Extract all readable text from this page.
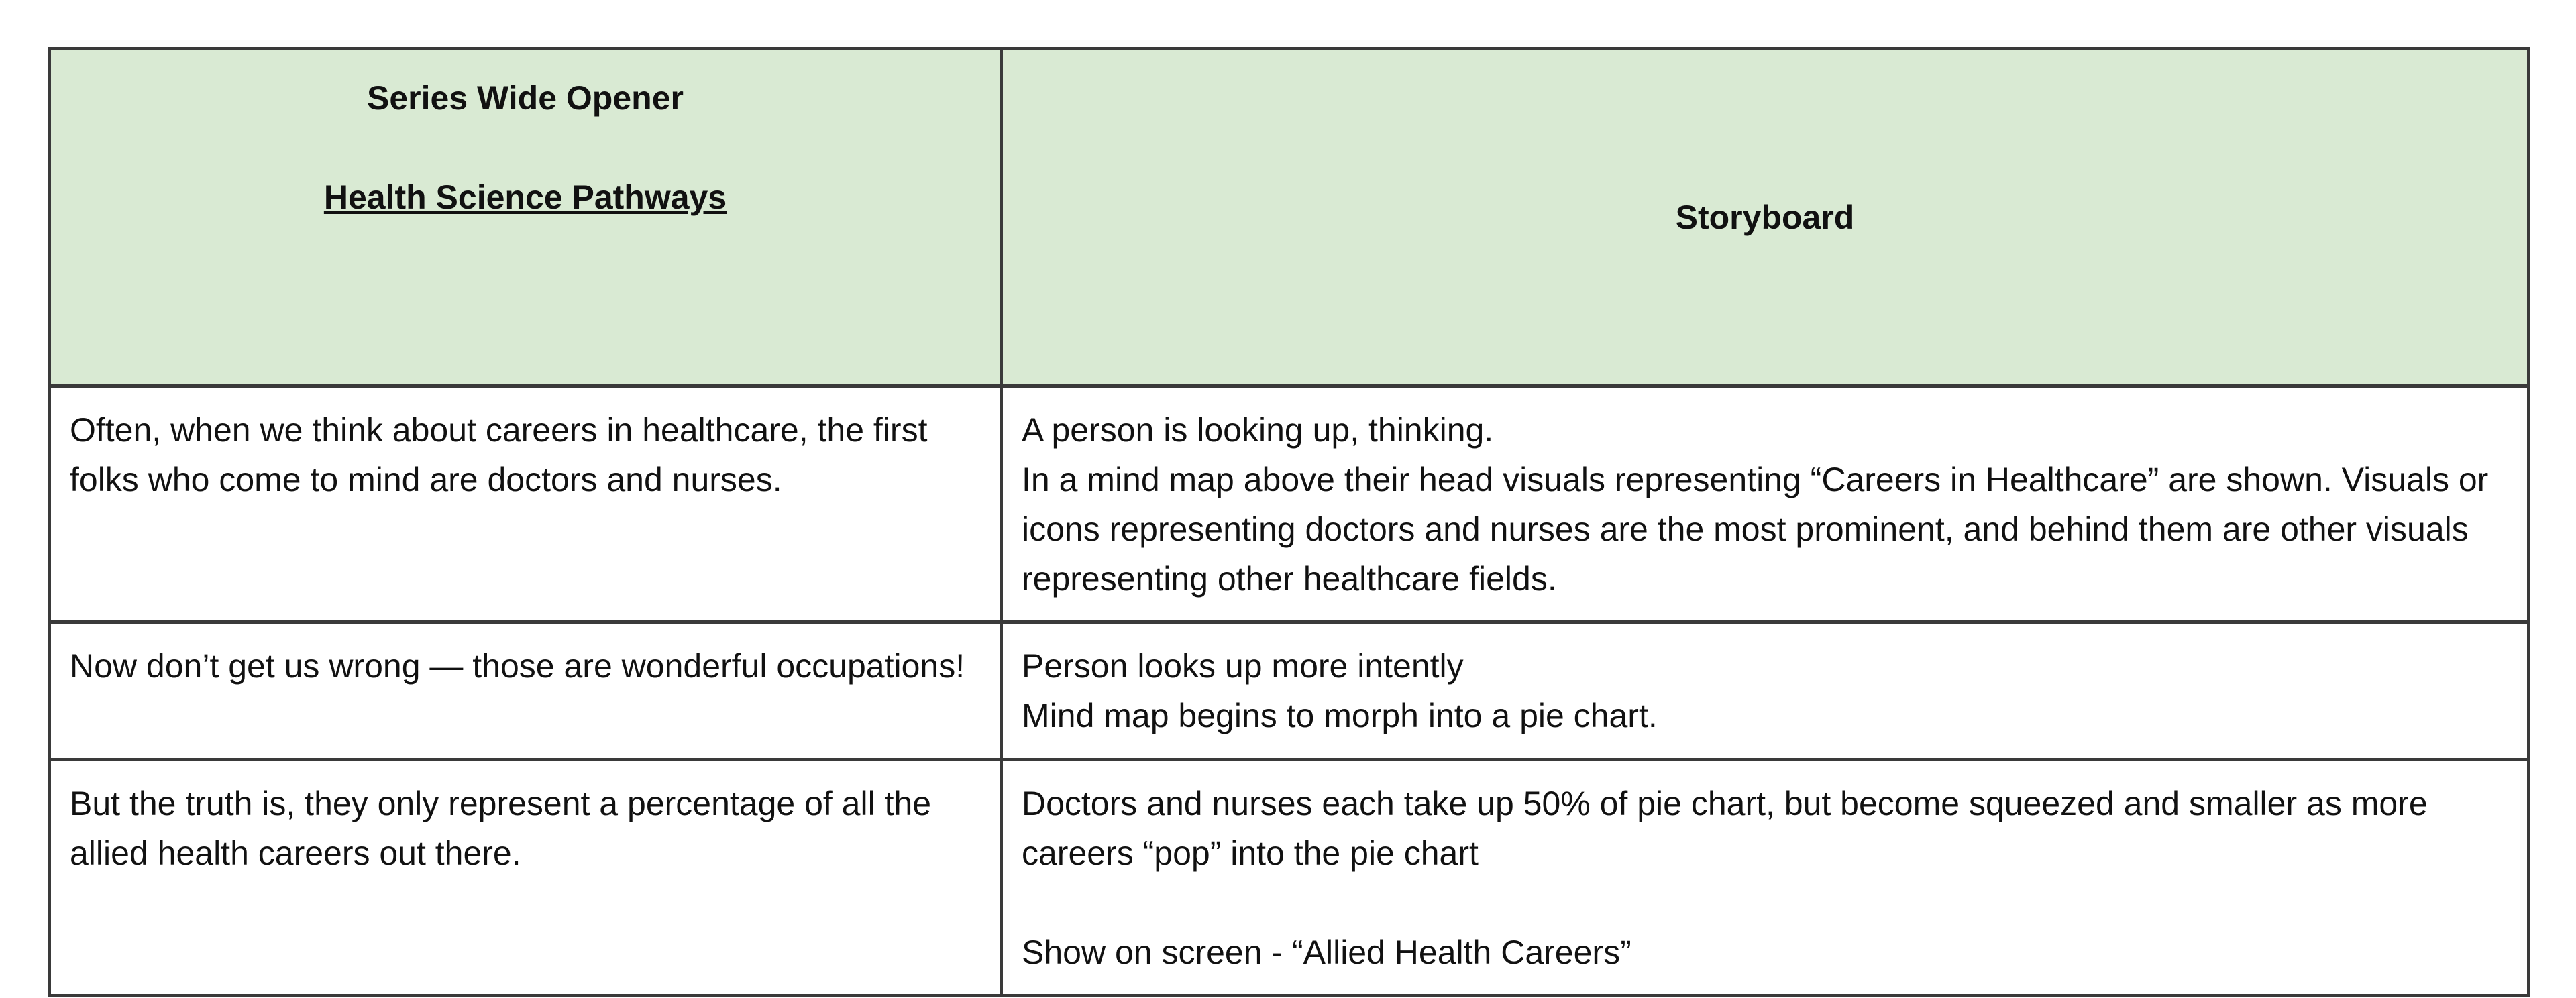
Series Wide Opener
Health Science Pathways	Storyboard

Often, when we think about careers in healthcare, the first folks who come to mind are doctors and nurses.	A person is looking up, thinking.
In a mind map above their head visuals representing “Careers in Healthcare” are shown. Visuals or icons representing doctors and nurses are the most prominent, and behind them are other visuals representing other healthcare fields.

Now don’t get us wrong — those are wonderful occupations!	Person looks up more intently
Mind map begins to morph into a pie chart.

But the truth is, they only represent a percentage of all the allied health careers out there.	Doctors and nurses each take up 50% of pie chart, but become squeezed and smaller as more careers “pop” into the pie chart
Show on screen - “Allied Health Careers”
